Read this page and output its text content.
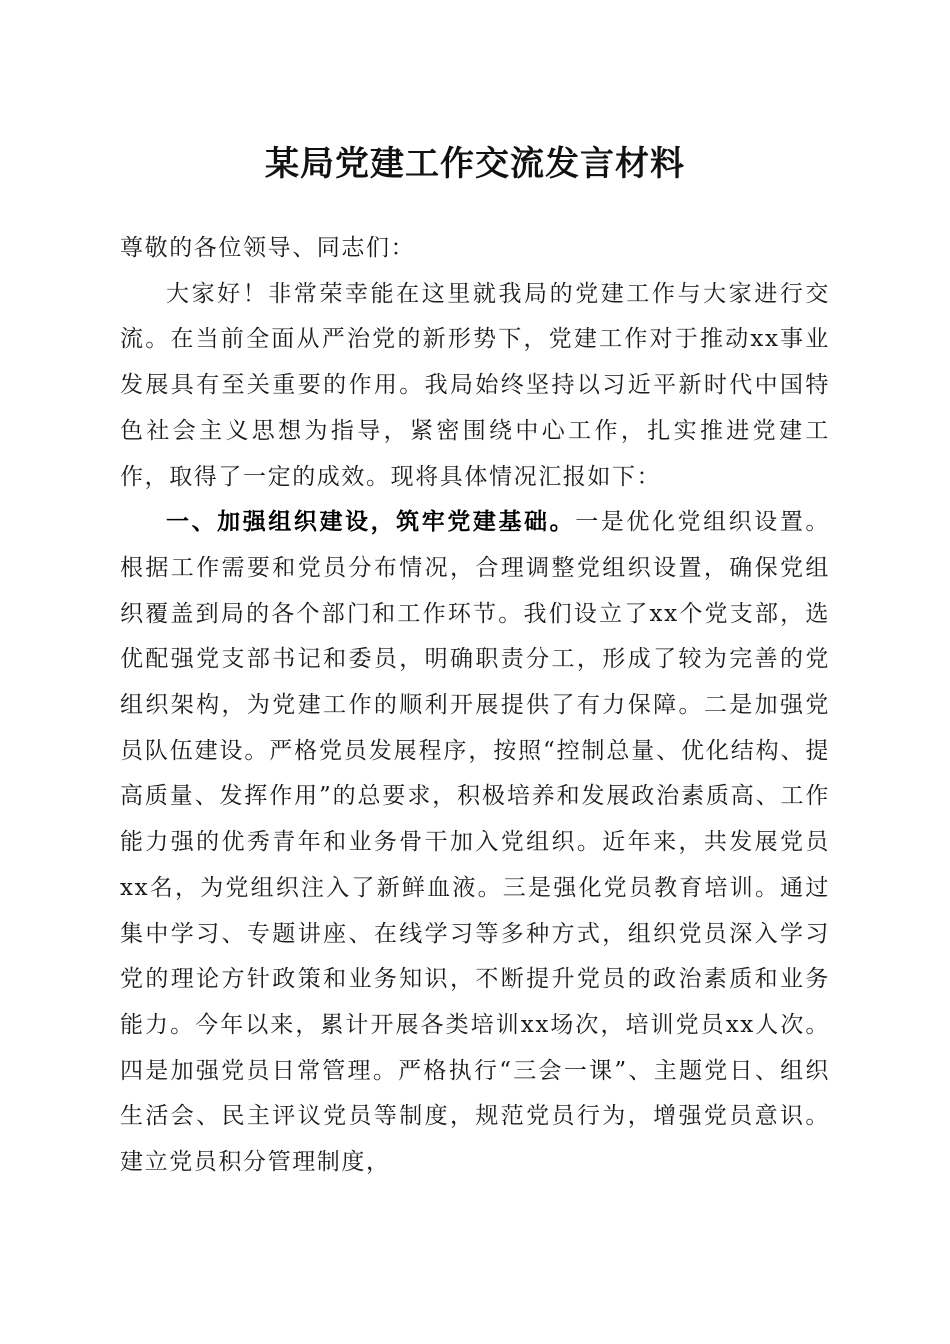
某局党建工作交流发言材料

尊敬的各位领导、同志们：

大家好！非常荣幸能在这里就我局的党建工作与大家进行交流。在当前全面从严治党的新形势下，党建工作对于推动xx事业发展具有至关重要的作用。我局始终坚持以习近平新时代中国特色社会主义思想为指导，紧密围绕中心工作，扎实推进党建工作，取得了一定的成效。现将具体情况汇报如下：

一、加强组织建设，筑牢党建基础。一是优化党组织设置。根据工作需要和党员分布情况，合理调整党组织设置，确保党组织覆盖到局的各个部门和工作环节。我们设立了xx个党支部，选优配强党支部书记和委员，明确职责分工，形成了较为完善的党组织架构，为党建工作的顺利开展提供了有力保障。二是加强党员队伍建设。严格党员发展程序，按照“控制总量、优化结构、提高质量、发挥作用”的总要求，积极培养和发展政治素质高、工作能力强的优秀青年和业务骨干加入党组织。近年来，共发展党员xx名，为党组织注入了新鲜血液。三是强化党员教育培训。通过集中学习、专题讲座、在线学习等多种方式，组织党员深入学习党的理论方针政策和业务知识，不断提升党员的政治素质和业务能力。今年以来，累计开展各类培训xx场次，培训党员xx人次。四是加强党员日常管理。严格执行“三会一课”、主题党日、组织生活会、民主评议党员等制度，规范党员行为，增强党员意识。建立党员积分管理制度，
